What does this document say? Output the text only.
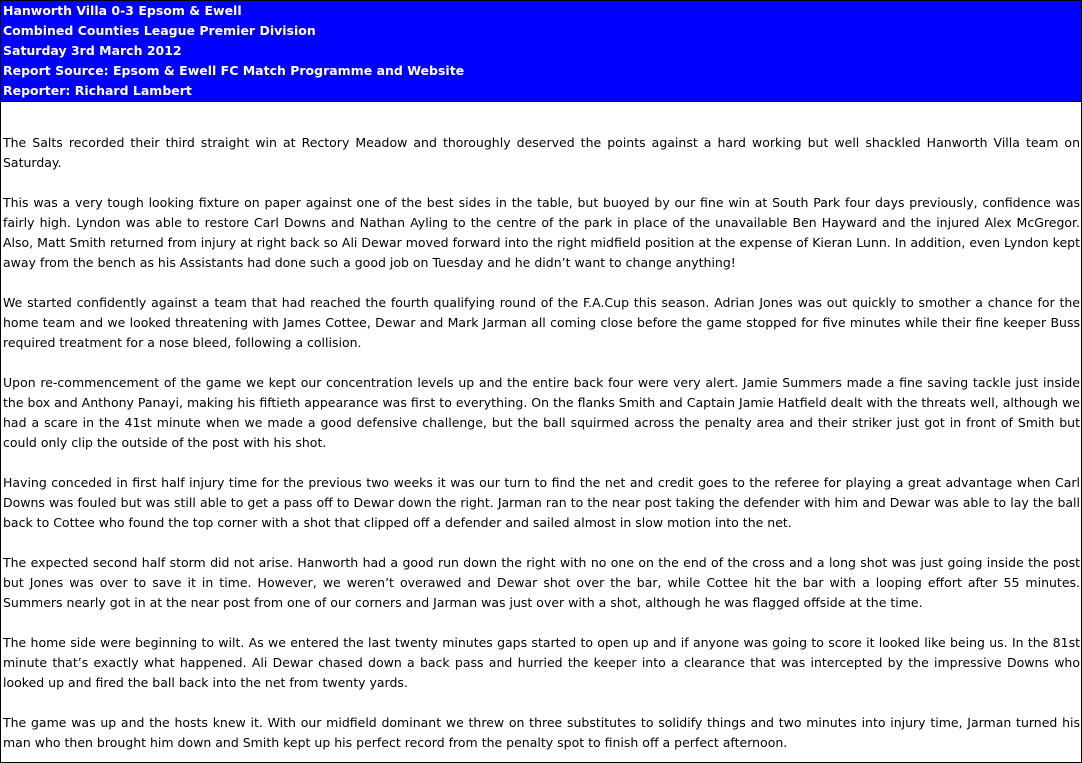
Hanworth Villa 0-3 Epsom & Ewell
Combined Counties League Premier Division
Saturday 3rd March 2012
Report Source: Epsom & Ewell FC Match Programme and Website
Reporter: Richard Lambert

The Salts recorded their third straight win at Rectory Meadow and thoroughly deserved the points against a hard working but well shackled Hanworth Villa team on Saturday.

This was a very tough looking fixture on paper against one of the best sides in the table, but buoyed by our fine win at South Park four days previously, confidence was fairly high. Lyndon was able to restore Carl Downs and Nathan Ayling to the centre of the park in place of the unavailable Ben Hayward and the injured Alex McGregor. Also, Matt Smith returned from injury at right back so Ali Dewar moved forward into the right midfield position at the expense of Kieran Lunn. In addition, even Lyndon kept away from the bench as his Assistants had done such a good job on Tuesday and he didn’t want to change anything!

We started confidently against a team that had reached the fourth qualifying round of the F.A.Cup this season. Adrian Jones was out quickly to smother a chance for the home team and we looked threatening with James Cottee, Dewar and Mark Jarman all coming close before the game stopped for five minutes while their fine keeper Buss required treatment for a nose bleed, following a collision.

Upon re-commencement of the game we kept our concentration levels up and the entire back four were very alert. Jamie Summers made a fine saving tackle just inside the box and Anthony Panayi, making his fiftieth appearance was first to everything. On the flanks Smith and Captain Jamie Hatfield dealt with the threats well, although we had a scare in the 41st minute when we made a good defensive challenge, but the ball squirmed across the penalty area and their striker just got in front of Smith but could only clip the outside of the post with his shot.

Having conceded in first half injury time for the previous two weeks it was our turn to find the net and credit goes to the referee for playing a great advantage when Carl Downs was fouled but was still able to get a pass off to Dewar down the right. Jarman ran to the near post taking the defender with him and Dewar was able to lay the ball back to Cottee who found the top corner with a shot that clipped off a defender and sailed almost in slow motion into the net.

The expected second half storm did not arise. Hanworth had a good run down the right with no one on the end of the cross and a long shot was just going inside the post but Jones was over to save it in time. However, we weren’t overawed and Dewar shot over the bar, while Cottee hit the bar with a looping effort after 55 minutes. Summers nearly got in at the near post from one of our corners and Jarman was just over with a shot, although he was flagged offside at the time.

The home side were beginning to wilt. As we entered the last twenty minutes gaps started to open up and if anyone was going to score it looked like being us. In the 81st minute that’s exactly what happened. Ali Dewar chased down a back pass and hurried the keeper into a clearance that was intercepted by the impressive Downs who looked up and fired the ball back into the net from twenty yards.

The game was up and the hosts knew it. With our midfield dominant we threw on three substitutes to solidify things and two minutes into injury time, Jarman turned his man who then brought him down and Smith kept up his perfect record from the penalty spot to finish off a perfect afternoon.
